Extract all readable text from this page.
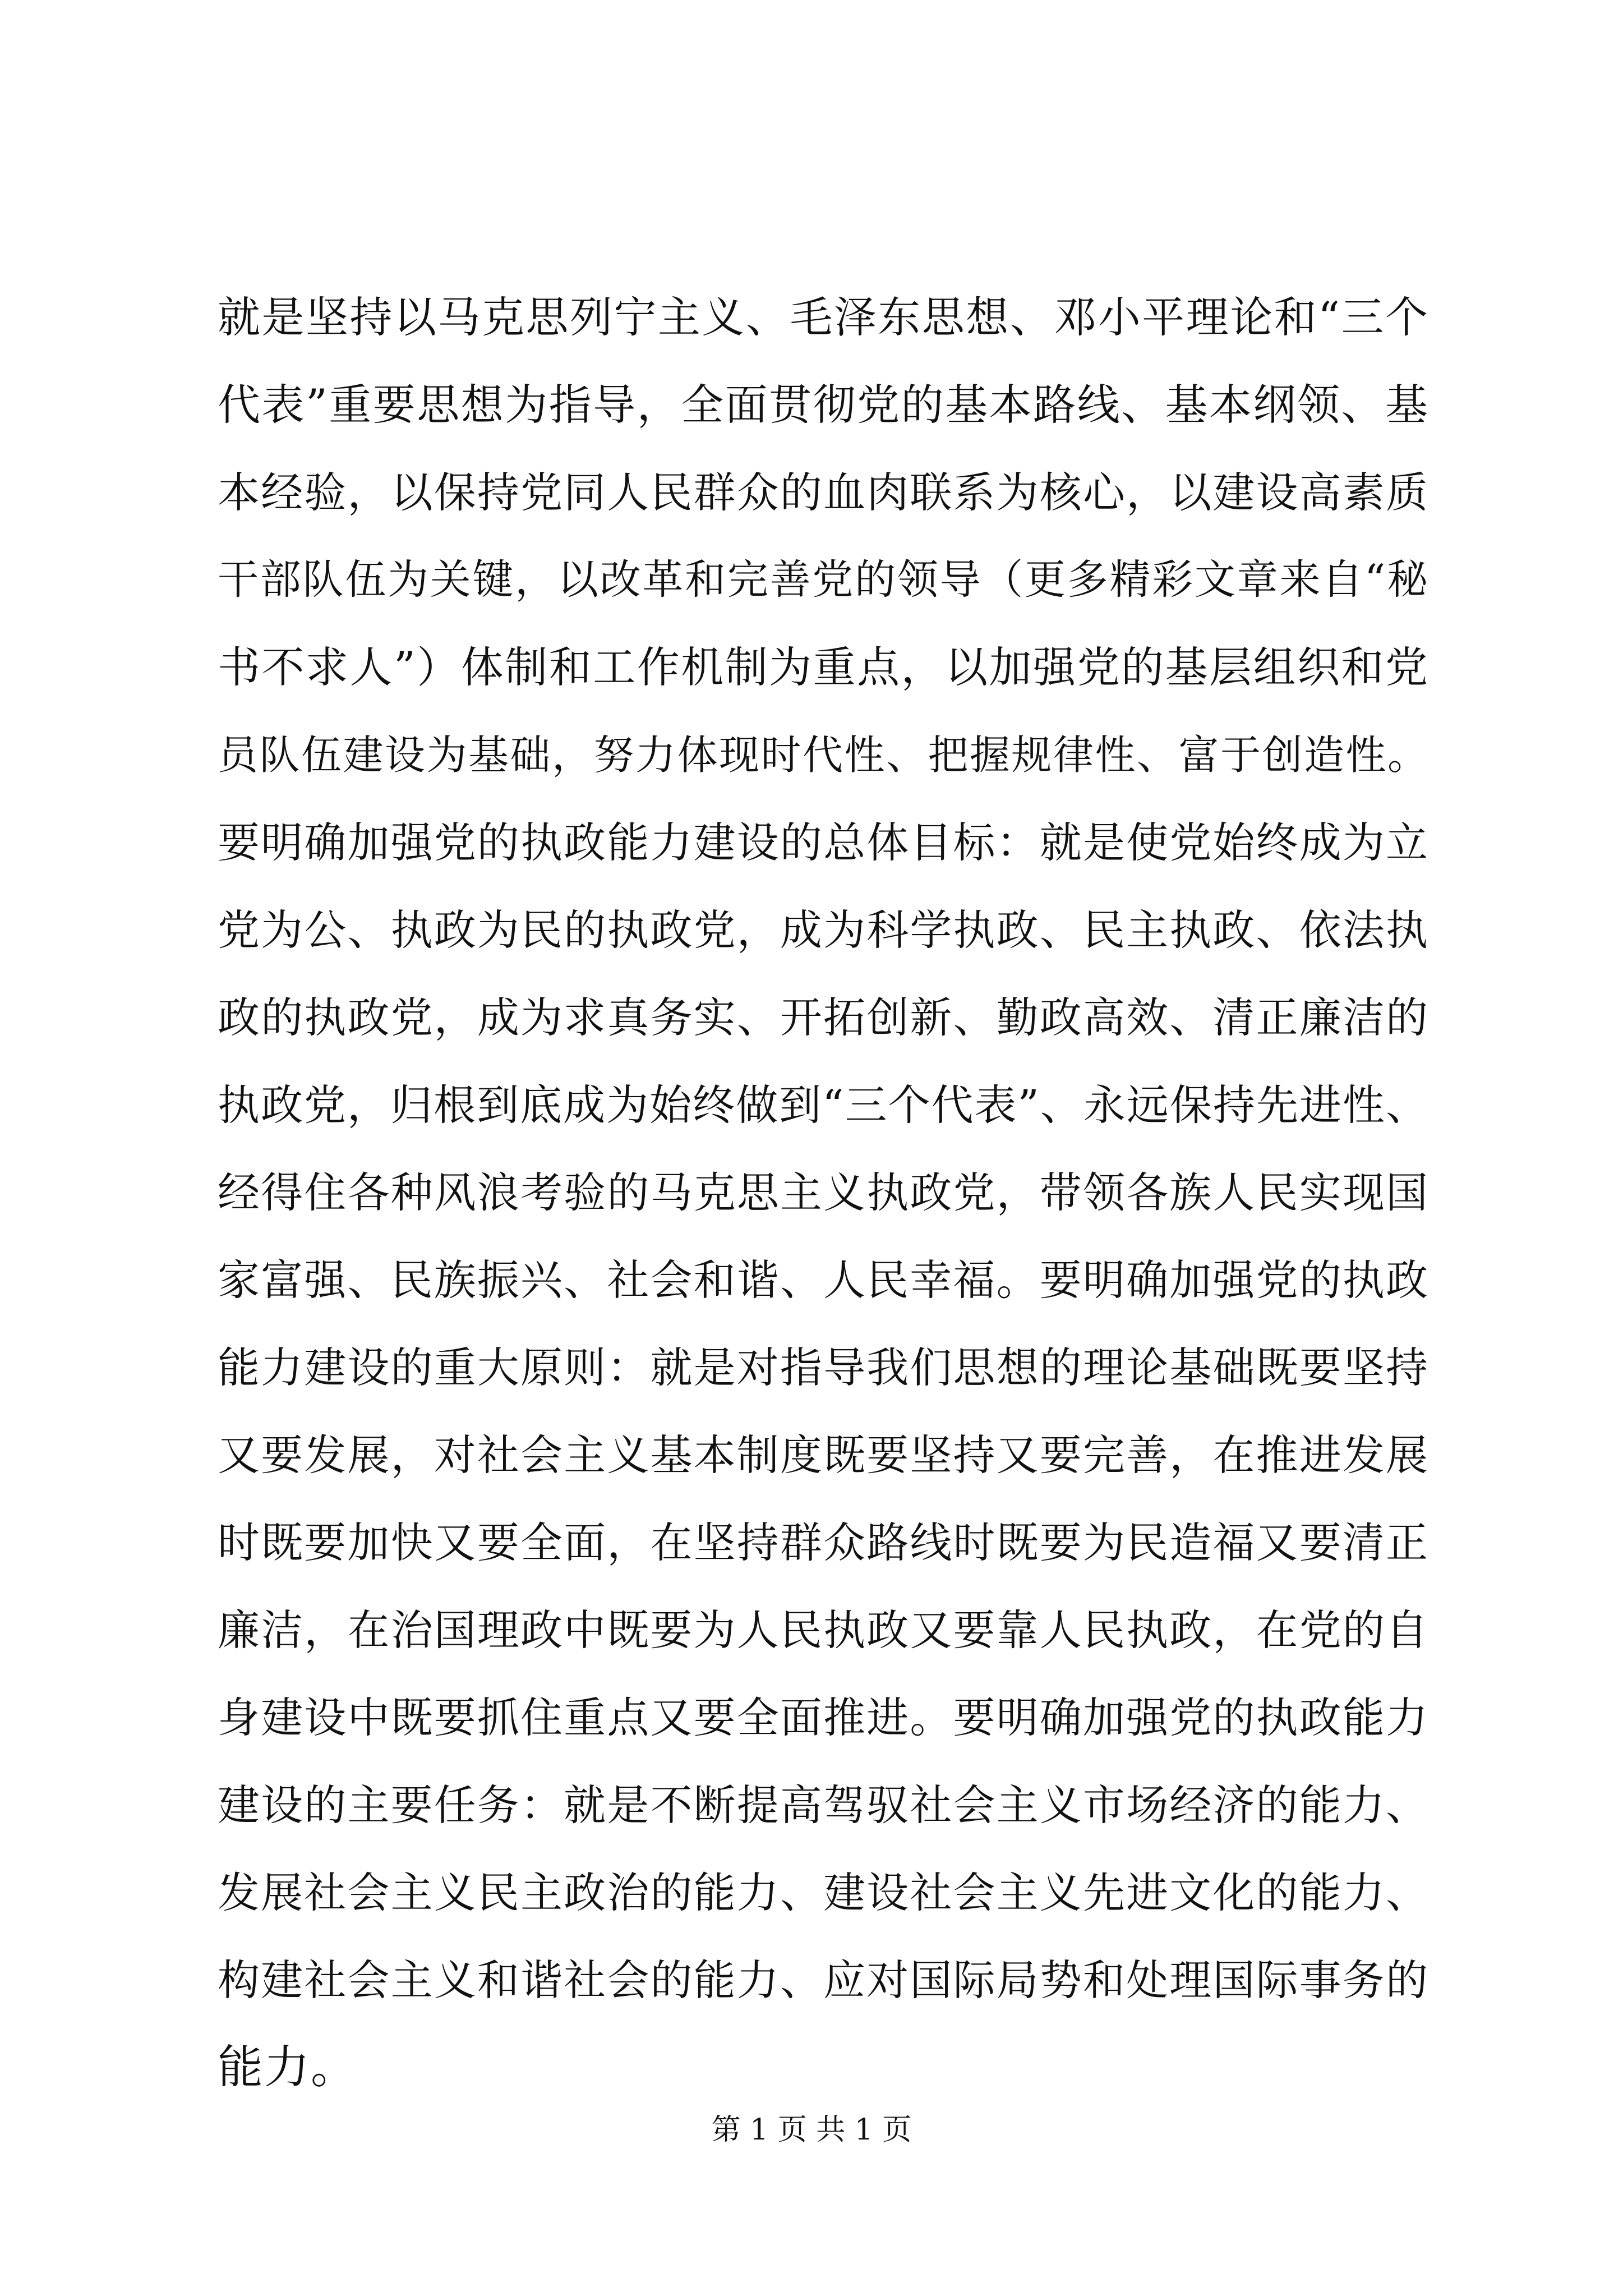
就是坚持以马克思列宁主义、毛泽东思想、邓小平理论和“三个
代表”重要思想为指导，全面贯彻党的基本路线、基本纲领、基
本经验，以保持党同人民群众的血肉联系为核心，以建设高素质
干部队伍为关键，以改革和完善党的领导（更多精彩文章来自“秘
书不求人”）体制和工作机制为重点，以加强党的基层组织和党
员队伍建设为基础，努力体现时代性、把握规律性、富于创造性。
要明确加强党的执政能力建设的总体目标：就是使党始终成为立
党为公、执政为民的执政党，成为科学执政、民主执政、依法执
政的执政党，成为求真务实、开拓创新、勤政高效、清正廉洁的
执政党，归根到底成为始终做到“三个代表”、永远保持先进性、
经得住各种风浪考验的马克思主义执政党，带领各族人民实现国
家富强、民族振兴、社会和谐、人民幸福。要明确加强党的执政
能力建设的重大原则：就是对指导我们思想的理论基础既要坚持
又要发展，对社会主义基本制度既要坚持又要完善，在推进发展
时既要加快又要全面，在坚持群众路线时既要为民造福又要清正
廉洁，在治国理政中既要为人民执政又要靠人民执政，在党的自
身建设中既要抓住重点又要全面推进。要明确加强党的执政能力
建设的主要任务：就是不断提高驾驭社会主义市场经济的能力、
发展社会主义民主政治的能力、建设社会主义先进文化的能力、
构建社会主义和谐社会的能力、应对国际局势和处理国际事务的
能力。
第 1 页 共 1 页
